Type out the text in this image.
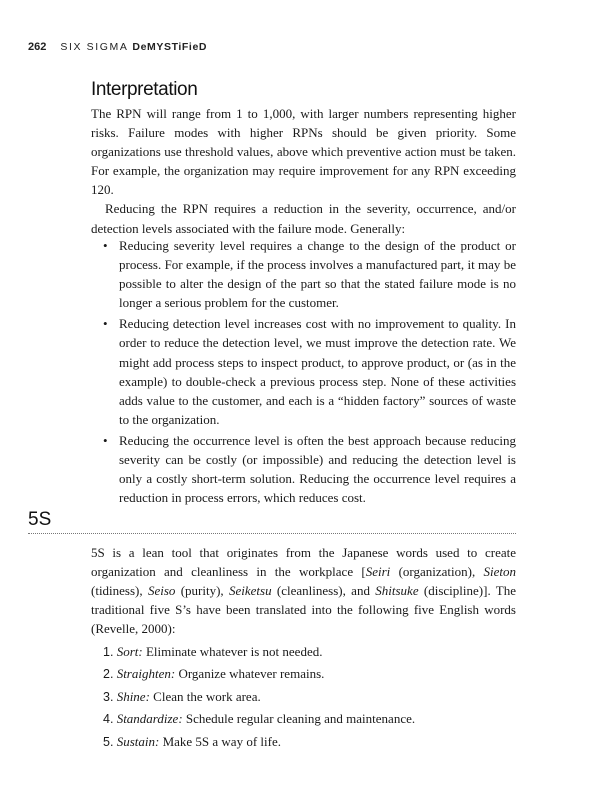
262 SIX SIGMA DeMYSTiFieD
Interpretation

The RPN will range from 1 to 1,000, with larger numbers representing higher risks. Failure modes with higher RPNs should be given priority. Some organizations use threshold values, above which preventive action must be taken. For example, the organization may require improvement for any RPN exceeding 120.

Reducing the RPN requires a reduction in the severity, occurrence, and/or detection levels associated with the failure mode. Generally:

• Reducing severity level requires a change to the design of the product or process. For example, if the process involves a manufactured part, it may be possible to alter the design of the part so that the stated failure mode is no longer a serious problem for the customer.
• Reducing detection level increases cost with no improvement to quality. In order to reduce the detection level, we must improve the detection rate. We might add process steps to inspect product, to approve product, or (as in the example) to double-check a previous process step. None of these activities adds value to the customer, and each is a “hidden factory” sources of waste to the organization.
• Reducing the occurrence level is often the best approach because reducing severity can be costly (or impossible) and reducing the detection level is only a costly short-term solution. Reducing the occurrence level requires a reduction in process errors, which reduces cost.
5S

5S is a lean tool that originates from the Japanese words used to create organization and cleanliness in the workplace [Seiri (organization), Sieton (tidiness), Seiso (purity), Seiketsu (cleanliness), and Shitsuke (discipline)]. The traditional five S’s have been translated into the following five English words (Revelle, 2000):

1. Sort: Eliminate whatever is not needed.
2. Straighten: Organize whatever remains.
3. Shine: Clean the work area.
4. Standardize: Schedule regular cleaning and maintenance.
5. Sustain: Make 5S a way of life.
